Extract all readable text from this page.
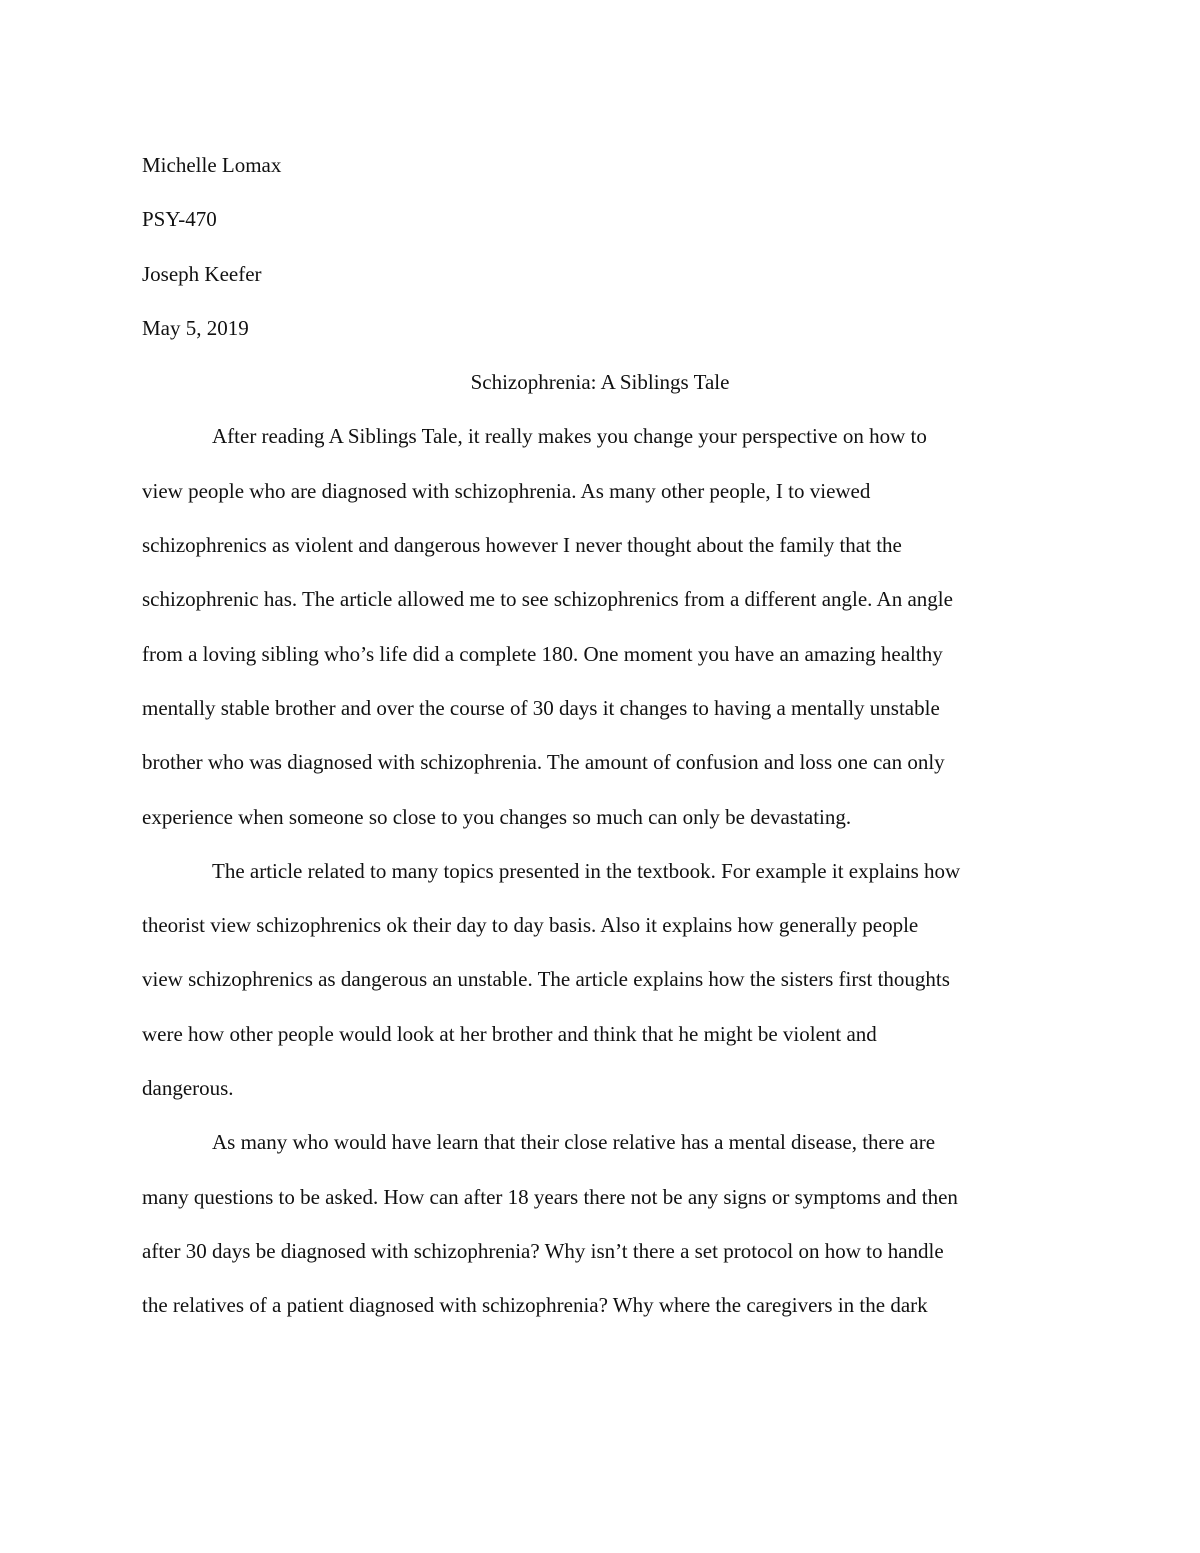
Michelle Lomax
PSY-470
Joseph Keefer
May 5, 2019
Schizophrenia: A Siblings Tale
After reading A Siblings Tale, it really makes you change your perspective on how to
view people who are diagnosed with schizophrenia. As many other people, I to viewed
schizophrenics as violent and dangerous however I never thought about the family that the
schizophrenic has. The article allowed me to see schizophrenics from a different angle. An angle
from a loving sibling who’s life did a complete 180. One moment you have an amazing healthy
mentally stable brother and over the course of 30 days it changes to having a mentally unstable
brother who was diagnosed with schizophrenia. The amount of confusion and loss one can only
experience when someone so close to you changes so much can only be devastating.
The article related to many topics presented in the textbook. For example it explains how
theorist view schizophrenics ok their day to day basis. Also it explains how generally people
view schizophrenics as dangerous an unstable. The article explains how the sisters first thoughts
were how other people would look at her brother and think that he might be violent and
dangerous.
As many who would have learn that their close relative has a mental disease, there are
many questions to be asked. How can after 18 years there not be any signs or symptoms and then
after 30 days be diagnosed with schizophrenia? Why isn’t there a set protocol on how to handle
the relatives of a patient diagnosed with schizophrenia? Why where the caregivers in the dark
